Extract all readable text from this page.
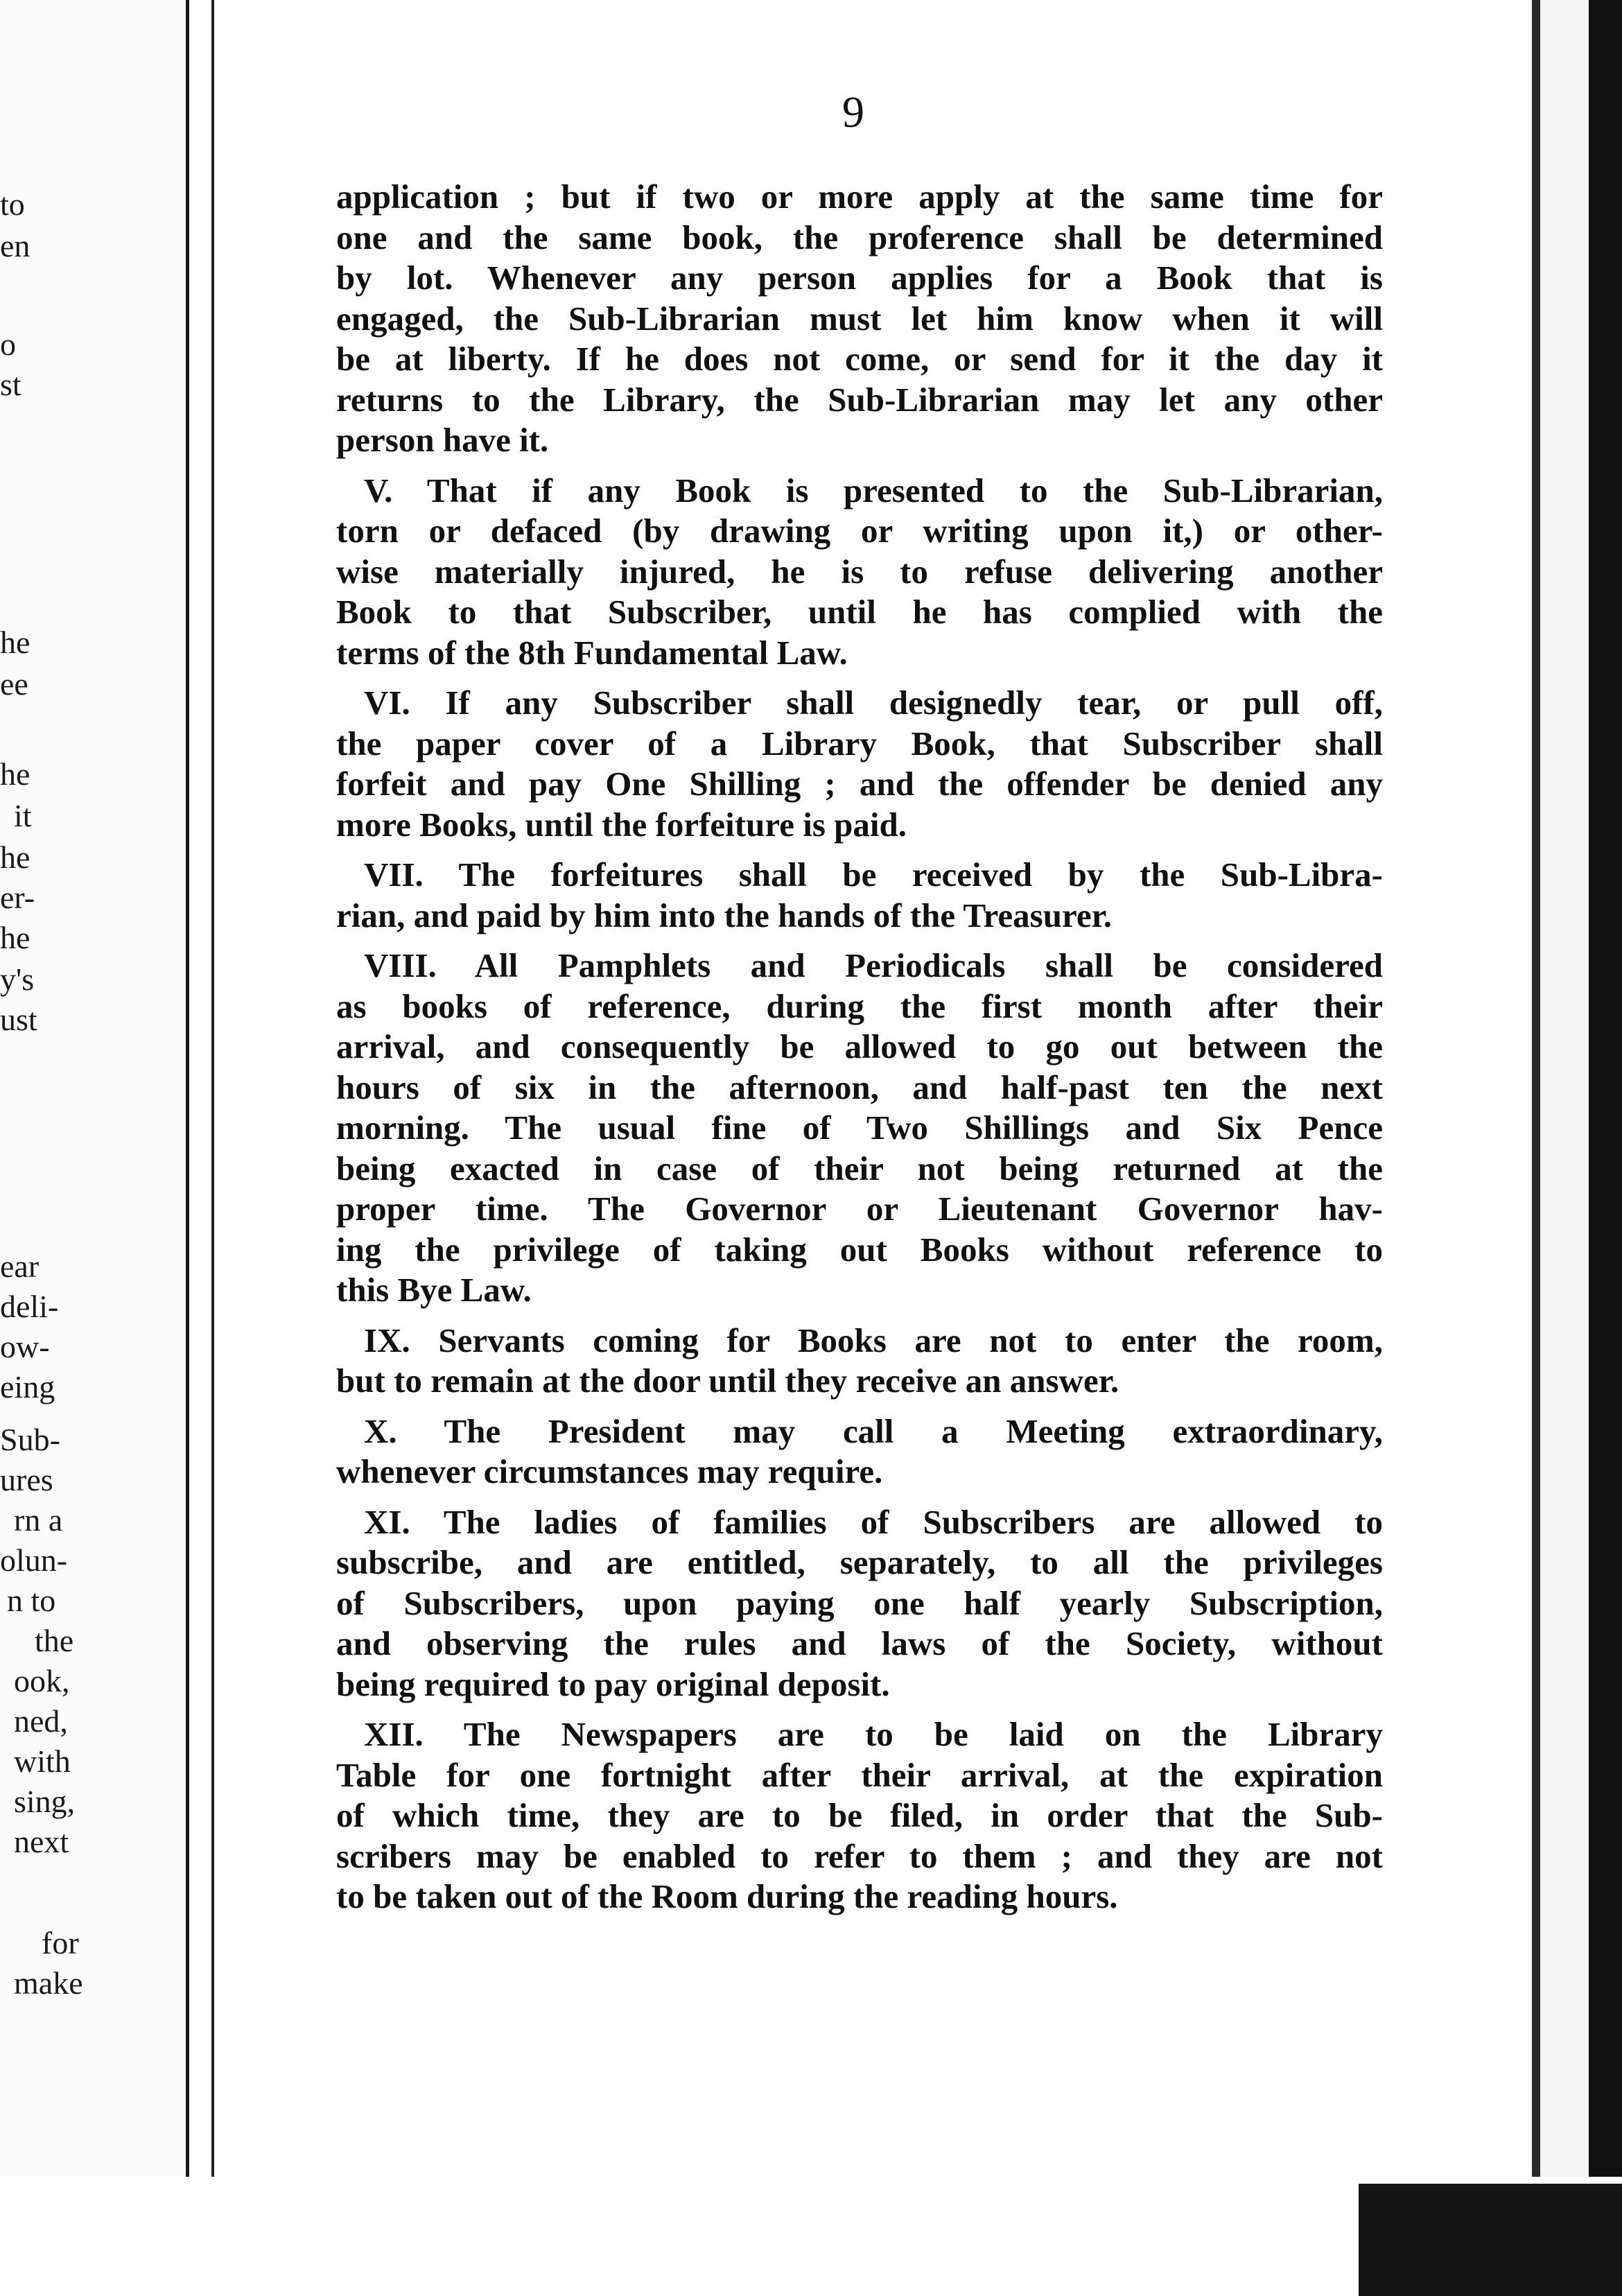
to
en
o
st
he
ee
he
it
he
er-
he
y's
ust
ear
deli-
ow-
eing
Sub-
ures
rn a
olun-
n to
the
ook,
ned,
with
sing,
next
for
make
9
application ; but if two or more apply at the same time for
one and the same book, the proference shall be determined
by lot. Whenever any person applies for a Book that is
engaged, the Sub-Librarian must let him know when it will
be at liberty. If he does not come, or send for it the day it
returns to the Library, the Sub-Librarian may let any other
person have it.
V. That if any Book is presented to the Sub-Librarian,
torn or defaced (by drawing or writing upon it,) or other-
wise materially injured, he is to refuse delivering another
Book to that Subscriber, until he has complied with the
terms of the 8th Fundamental Law.
VI. If any Subscriber shall designedly tear, or pull off,
the paper cover of a Library Book, that Subscriber shall
forfeit and pay One Shilling ; and the offender be denied any
more Books, until the forfeiture is paid.
VII. The forfeitures shall be received by the Sub-Libra-
rian, and paid by him into the hands of the Treasurer.
VIII. All Pamphlets and Periodicals shall be considered
as books of reference, during the first month after their
arrival, and consequently be allowed to go out between the
hours of six in the afternoon, and half-past ten the next
morning. The usual fine of Two Shillings and Six Pence
being exacted in case of their not being returned at the
proper time. The Governor or Lieutenant Governor hav-
ing the privilege of taking out Books without reference to
this Bye Law.
IX. Servants coming for Books are not to enter the room,
but to remain at the door until they receive an answer.
X. The President may call a Meeting extraordinary,
whenever circumstances may require.
XI. The ladies of families of Subscribers are allowed to
subscribe, and are entitled, separately, to all the privileges
of Subscribers, upon paying one half yearly Subscription,
and observing the rules and laws of the Society, without
being required to pay original deposit.
XII. The Newspapers are to be laid on the Library
Table for one fortnight after their arrival, at the expiration
of which time, they are to be filed, in order that the Sub-
scribers may be enabled to refer to them ; and they are not
to be taken out of the Room during the reading hours.
